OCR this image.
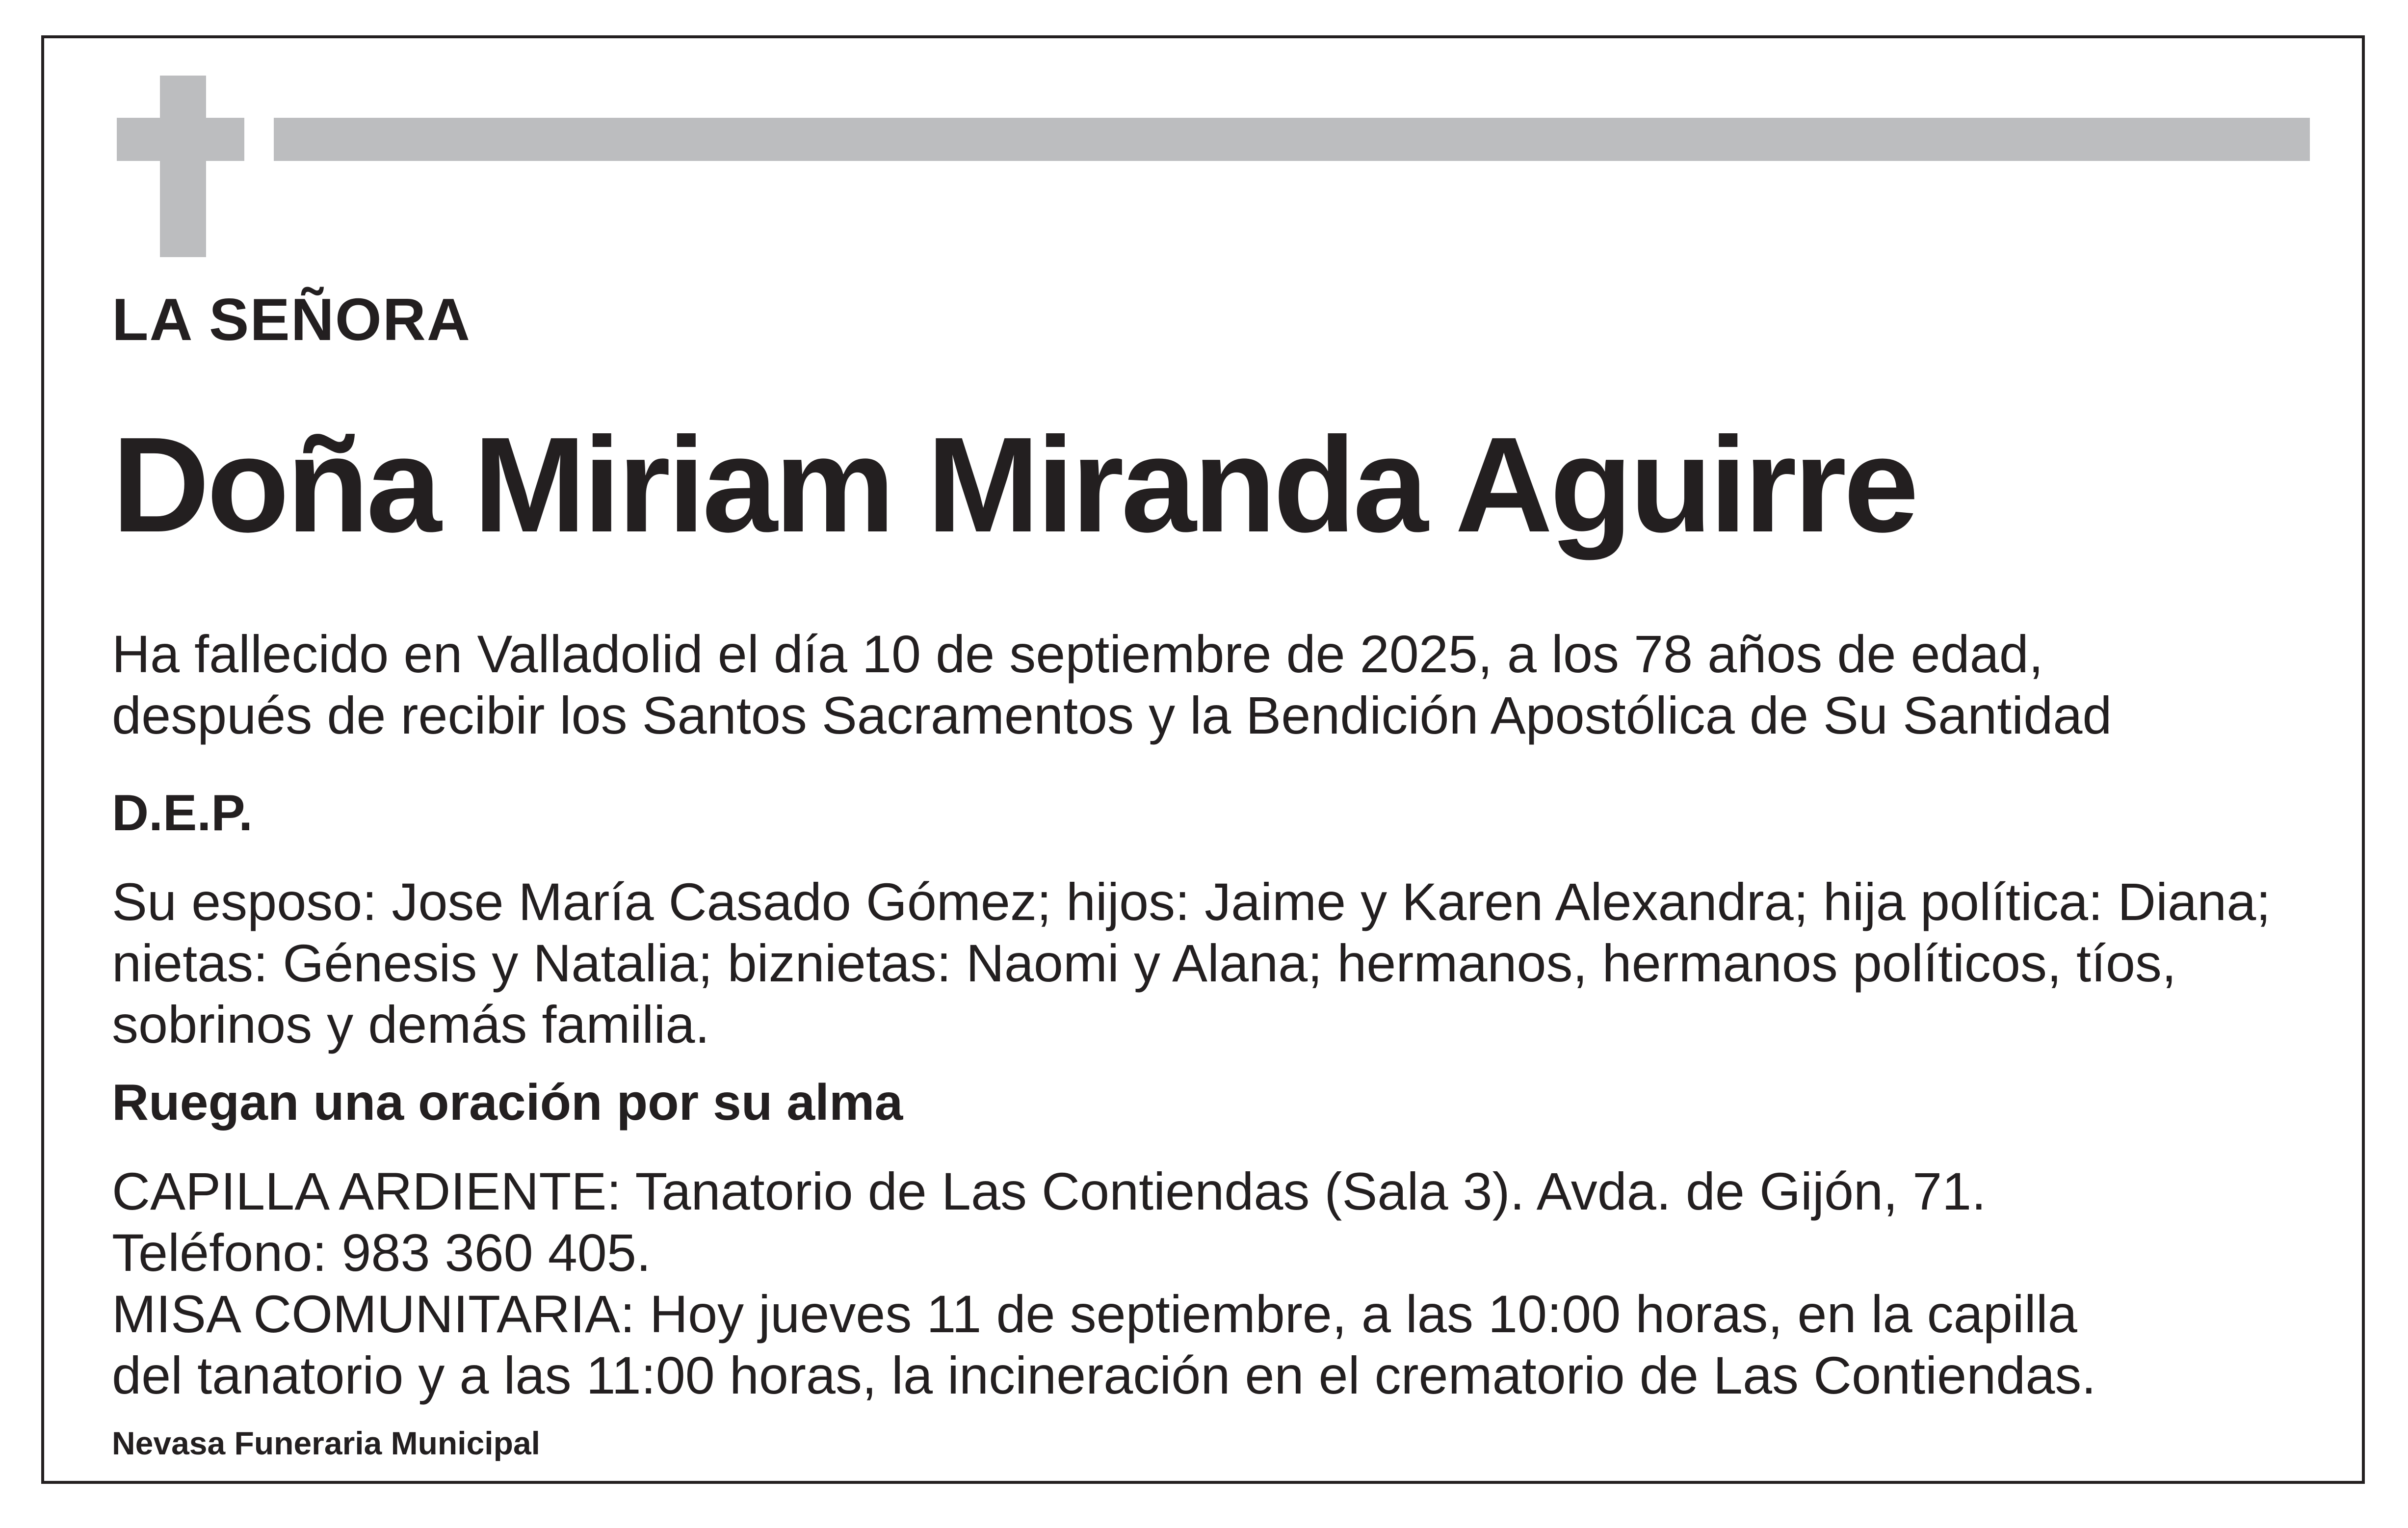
LA SEÑORA
Doña Miriam Miranda Aguirre
Ha fallecido en Valladolid el día 10 de septiembre de 2025, a los 78 años de edad,
después de recibir los Santos Sacramentos y la Bendición Apostólica de Su Santidad
D.E.P.
Su esposo: Jose María Casado Gómez; hijos: Jaime y Karen Alexandra; hija política: Diana;
nietas: Génesis y Natalia; biznietas: Naomi y Alana; hermanos, hermanos políticos, tíos,
sobrinos y demás familia.
Ruegan una oración por su alma
CAPILLA ARDIENTE: Tanatorio de Las Contiendas (Sala 3). Avda. de Gijón, 71.
Teléfono: 983 360 405.
MISA COMUNITARIA: Hoy jueves 11 de septiembre, a las 10:00 horas, en la capilla
del tanatorio y a las 11:00 horas, la incineración en el crematorio de Las Contiendas.
Nevasa Funeraria Municipal
